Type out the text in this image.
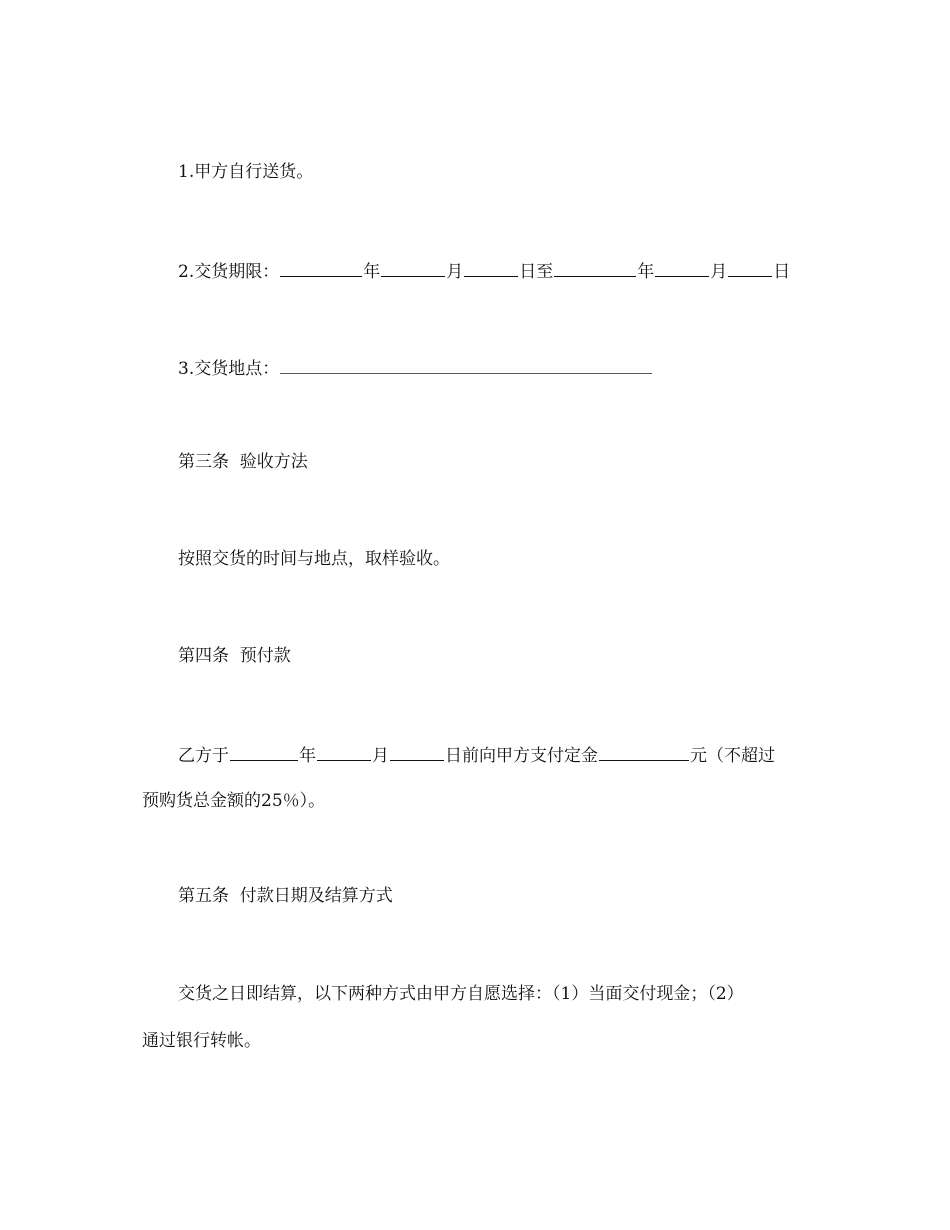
1.甲方自行送货。
2.交货期限：	年	月	日至	年	月	日
3.交货地点：
第三条  验收方法
按照交货的时间与地点，取样验收。
第四条  预付款
乙方于	年	月	日前向甲方支付定金	元（不超过
预购货总金额的25％）。
第五条  付款日期及结算方式
交货之日即结算，以下两种方式由甲方自愿选择：（1）当面交付现金；（2）
通过银行转帐。
